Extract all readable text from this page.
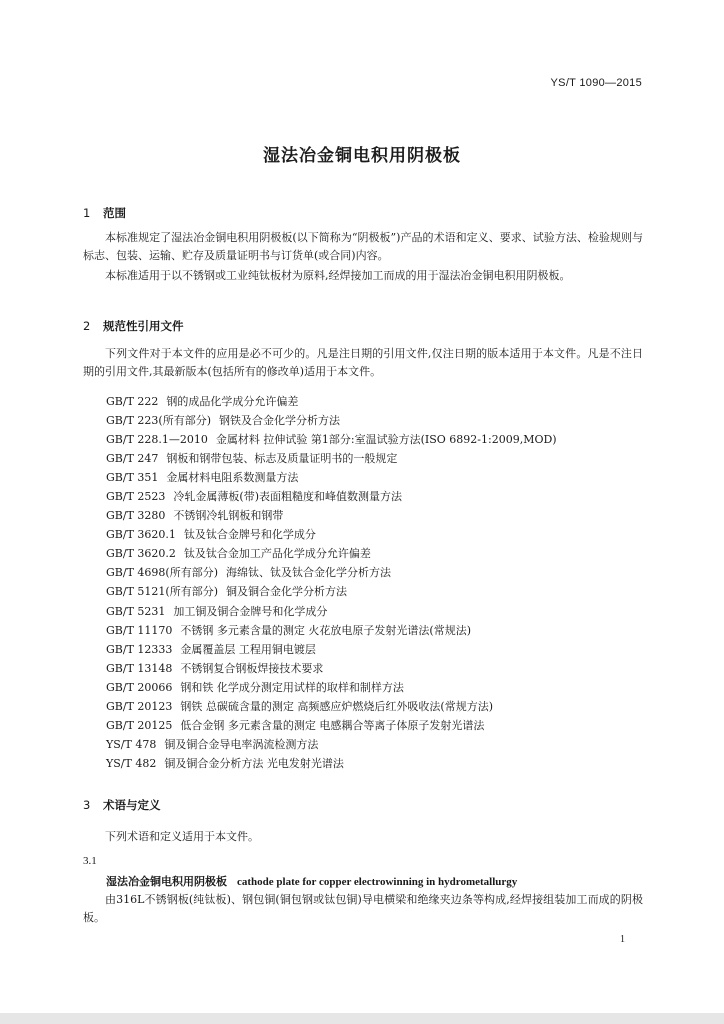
YS/T 1090—2015
湿法冶金铜电积用阴极板
1 范围

本标准规定了湿法冶金铜电积用阴极板(以下简称为“阴极板”)产品的术语和定义、要求、试验方法、检验规则与标志、包装、运输、贮存及质量证明书与订货单(或合同)内容。

本标准适用于以不锈钢或工业纯钛板材为原料,经焊接加工而成的用于湿法冶金铜电积用阴极板。

2 规范性引用文件

下列文件对于本文件的应用是必不可少的。凡是注日期的引用文件,仅注日期的版本适用于本文件。凡是不注日期的引用文件,其最新版本(包括所有的修改单)适用于本文件。

GB/T 222 钢的成品化学成分允许偏差
GB/T 223(所有部分) 钢铁及合金化学分析方法
GB/T 228.1—2010 金属材料 拉伸试验 第1部分:室温试验方法(ISO 6892-1:2009,MOD)
GB/T 247 钢板和钢带包装、标志及质量证明书的一般规定
GB/T 351 金属材料电阻系数测量方法
GB/T 2523 冷轧金属薄板(带)表面粗糙度和峰值数测量方法
GB/T 3280 不锈钢冷轧钢板和钢带
GB/T 3620.1 钛及钛合金牌号和化学成分
GB/T 3620.2 钛及钛合金加工产品化学成分允许偏差
GB/T 4698(所有部分) 海绵钛、钛及钛合金化学分析方法
GB/T 5121(所有部分) 铜及铜合金化学分析方法
GB/T 5231 加工铜及铜合金牌号和化学成分
GB/T 11170 不锈钢 多元素含量的测定 火花放电原子发射光谱法(常规法)
GB/T 12333 金属覆盖层 工程用铜电镀层
GB/T 13148 不锈钢复合钢板焊接技术要求
GB/T 20066 钢和铁 化学成分测定用试样的取样和制样方法
GB/T 20123 钢铁 总碳硫含量的测定 高频感应炉燃烧后红外吸收法(常规方法)
GB/T 20125 低合金钢 多元素含量的测定 电感耦合等离子体原子发射光谱法
YS/T 478 铜及铜合金导电率涡流检测方法
YS/T 482 铜及铜合金分析方法 光电发射光谱法
3 术语与定义

下列术语和定义适用于本文件。

3.1
湿法冶金铜电积用阴极板 cathode plate for copper electrowinning in hydrometallurgy

由316L不锈钢板(纯钛板)、钢包铜(铜包钢或钛包铜)导电横梁和绝缘夹边条等构成,经焊接组装加工而成的阴极板。

1
